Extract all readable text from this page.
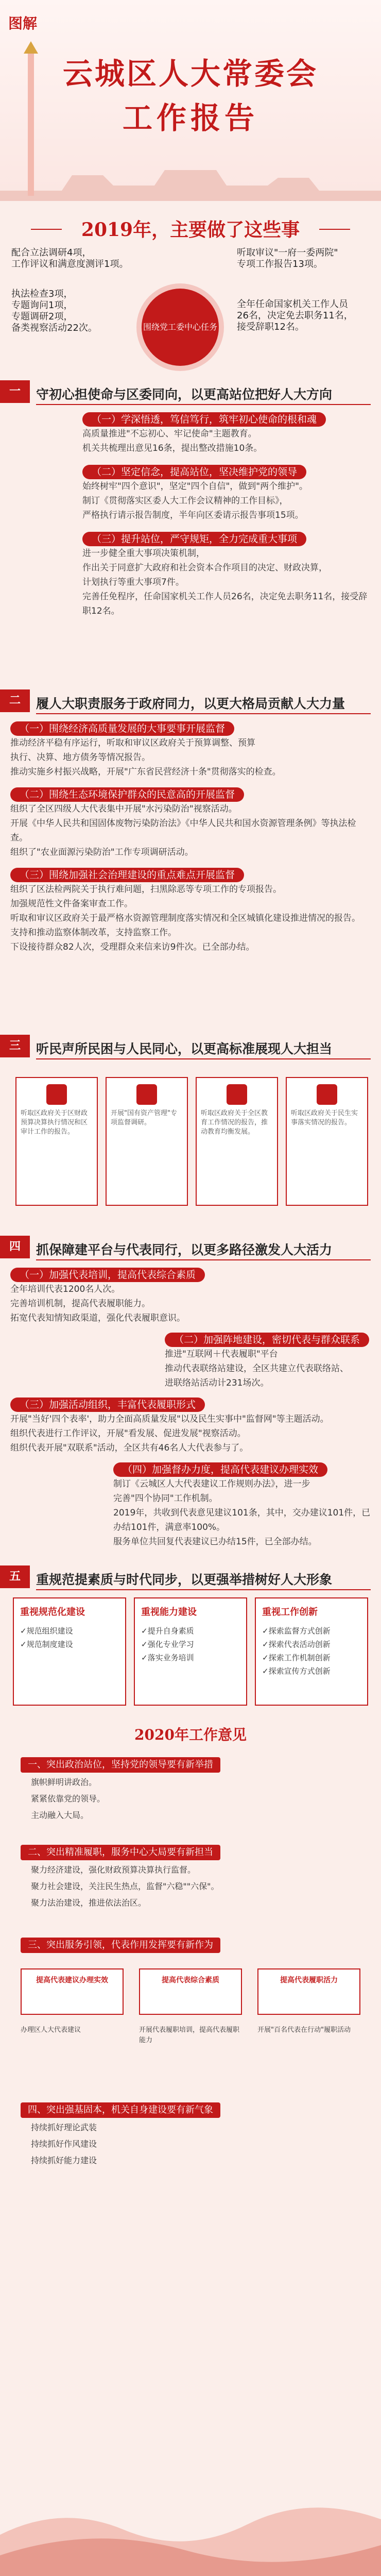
图解
云城区人大常委会
工作报告
2019年，主要做了这些事
配合立法调研4项，
工作评议和满意度测评1项。
执法检查3项，
专题询问1项，
专题调研2项，
备类视察活动22次。
听取审议"一府一委两院"
专项工作报告13项。
全年任命国家机关工作人员
26名，决定免去职务11名，
接受辞职12名。
围绕党工委中心任务
一	守初心担使命与区委同向，以更高站位把好人大方向
（一）学深悟透，笃信笃行，筑牢初心使命的根和魂

高质量推进"不忘初心、牢记使命"主题教育。

机关共梳理出意见16条，提出整改措施10条。

（二）坚定信念，提高站位，坚决维护党的领导

始终树牢"四个意识"，坚定"四个自信"，做到"两个维护"。

制订《贯彻落实区委人大工作会议精神的工作目标》，

严格执行请示报告制度，半年向区委请示报告事项15项。

（三）提升站位，严守规矩，全力完成重大事项

进一步健全重大事项决策机制，

作出关于同意扩大政府和社会资本合作项目的决定、财政决算，

计划执行等重大事项7件。

完善任免程序，任命国家机关工作人员26名，决定免去职务11名，接受辞职12名。

二	履人大职责服务于政府同力，以更大格局贡献人大力量
（一）围绕经济高质量发展的大事要事开展监督

推动经济平稳有序运行，听取和审议区政府关于预算调整、预算

执行、决算、地方债务等情况报告。

推动实施乡村振兴战略，开展"广东省民营经济十条"贯彻落实的检查。

（二）围绕生态环境保护群众的民意高的开展监督

组织了全区四级人大代表集中开展"水污染防治"视察活动。

开展《中华人民共和国固体废物污染防治法》《中华人民共和国水资源管理条例》等执法检查。

组织了"农业面源污染防治"工作专项调研活动。

（三）围绕加强社会治理建设的重点难点开展监督

组织了区法检两院关于执行难问题，扫黑除恶等专项工作的专项报告。

加强规范性文件备案审查工作。

听取和审议区政府关于最严格水资源管理制度落实情况和全区城镇化建设推进情况的报告。

支持和推动监察体制改革，支持监察工作。

下设接待群众82人次，受理群众来信来访9件次。已全部办结。

三	听民声所民困与人民同心，以更高标准展现人大担当
听取区政府关于区财政预算决算执行情况和区审计工作的报告。
开展"国有资产管理"专项监督调研。
听取区政府关于全区教育工作情况的报告，推动教育均衡发展。
听取区政府关于民生实事落实情况的报告。
四	抓保障建平台与代表同行，以更多路径激发人大活力
（一）加强代表培训，提高代表综合素质

全年培训代表1200名人次。

完善培训机制，提高代表履职能力。

拓宽代表知情知政渠道，强化代表履职意识。

（二）加强阵地建设，密切代表与群众联系

推进"互联网＋代表履职"平台

推动代表联络站建设，全区共建立代表联络站、

进联络站活动计231场次。

（三）加强活动组织，丰富代表履职形式

开展"当好'四个表率'，助力全面高质量发展"以及民生实事中"监督网"等主题活动。

组织代表进行工作评议，开展"看发展、促进发展"视察活动。

组织代表开展"双联系"活动，全区共有46名人大代表参与了。

（四）加强督办力度，提高代表建议办理实效

制订《云城区人大代表建议工作规则办法》，进一步

完善"四个协同"工作机制。

2019年，共收到代表意见建议101条，其中，交办建议101件，已办结101件，满意率100%。

服务单位共回复代表建议已办结15件，已全部办结。

五	重规范提素质与时代同步，以更强举措树好人大形象
重视规范化建设

✓规范组织建设

✓规范制度建设

重视能力建设

✓提升自身素质

✓强化专业学习

✓落实业务培训

重视工作创新

✓探索监督方式创新

✓探索代表活动创新

✓探索工作机制创新

✓探索宣传方式创新

2020年工作意见
一、突出政治站位，坚持党的领导要有新举措

旗帜鲜明讲政治。

紧紧依靠党的领导。

主动融入大局。

二、突出精准履职，服务中心大局要有新担当

聚力经济建设，强化财政预算决算执行监督。

聚力社会建设，关注民生热点，监督"六稳""六保"。

聚力法治建设，推进依法治区。

三、突出服务引领，代表作用发挥要有新作为
提高代表建议办理实效	提高代表综合素质	提高代表履职活力
办理区人大代表建议	开展代表履职培训，提高代表履职能力
开展"百名代表在行动"履职活动
四、突出强基固本，机关自身建设要有新气象

持续抓好理论武装

持续抓好作风建设

持续抓好能力建设
